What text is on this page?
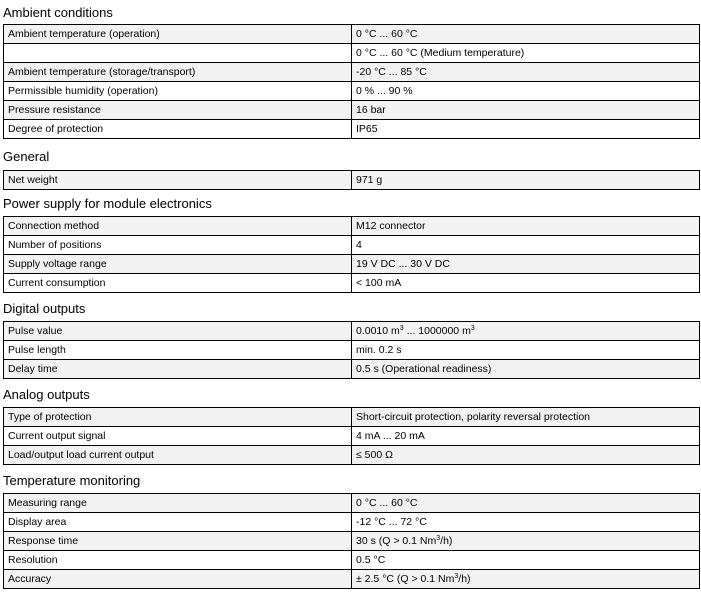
Ambient conditions
Ambient temperature (operation)	0 °C ... 60 °C
	0 °C ... 60 °C (Medium temperature)
Ambient temperature (storage/transport)	-20 °C ... 85 °C
Permissible humidity (operation)	0 % ... 90 %
Pressure resistance	16 bar
Degree of protection	IP65
General
Net weight	971 g
Power supply for module electronics
Connection method	M12 connector
Number of positions	4
Supply voltage range	19 V DC ... 30 V DC
Current consumption	< 100 mA
Digital outputs
Pulse value	0.0010 $m^3$ ... 1000000 $m^3$
Pulse length	min. 0.2 s
Delay time	0.5 s (Operational readiness)
Analog outputs
Type of protection	Short-circuit protection, polarity reversal protection
Current output signal	4 mA ... 20 mA
Load/output load current output	≤ 500 Ω
Temperature monitoring
Measuring range	0 °C ... 60 °C
Display area	-12 °C ... 72 °C
Response time	30 s (Q > 0.1 Nm$^3$/h)
Resolution	0.5 °C
Accuracy	± 2.5 °C (Q > 0.1 Nm$^3$/h)
